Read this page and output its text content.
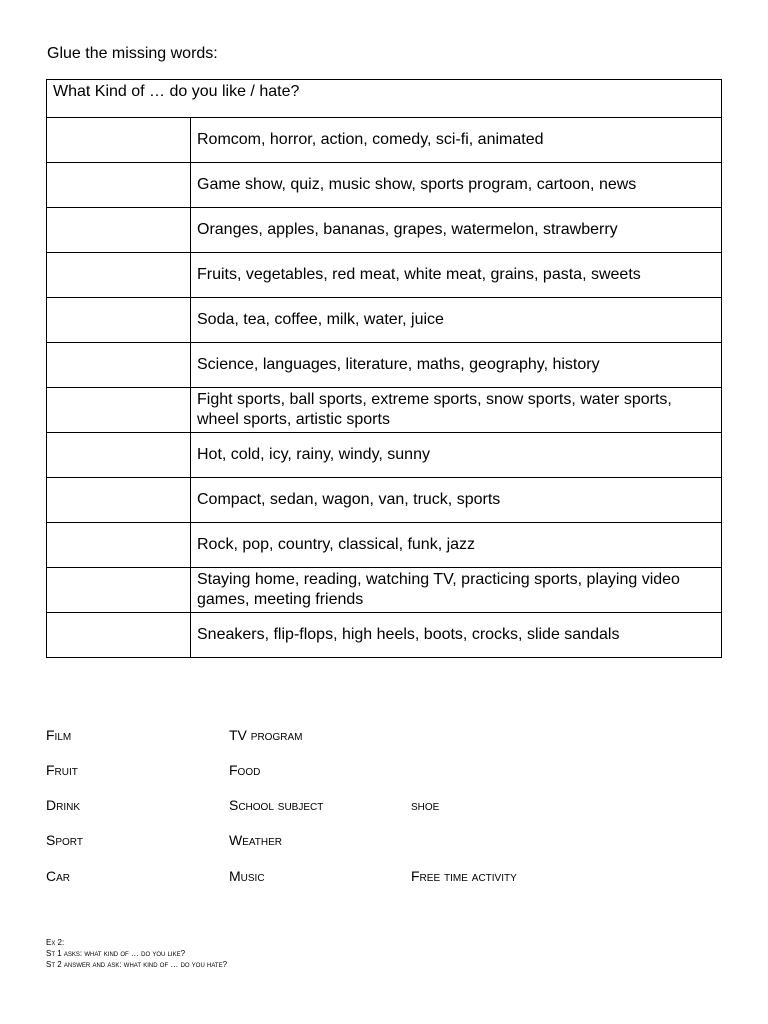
Glue the missing words:
What Kind of … do you like / hate?	
	Romcom, horror, action, comedy, sci-fi, animated
	Game show, quiz, music show, sports program, cartoon, news
	Oranges, apples, bananas, grapes, watermelon, strawberry
	Fruits, vegetables, red meat, white meat, grains, pasta, sweets
	Soda, tea, coffee, milk, water, juice
	Science, languages, literature, maths, geography, history
	Fight sports, ball sports, extreme sports, snow sports, water sports, wheel sports, artistic sports
	Hot, cold, icy, rainy, windy, sunny
	Compact, sedan, wagon, van, truck, sports
	Rock, pop, country, classical, funk, jazz
	Staying home, reading, watching TV, practicing sports, playing video games, meeting friends
	Sneakers, flip-flops, high heels, boots, crocks, slide sandals
Film	TV program
Fruit	Food
Drink	School subject	shoe
Sport	Weather
Car	Music	Free time activity
Ex 2:
St 1 asks: what kind of … do you like?
St 2 answer and ask: what kind of … do you hate?
